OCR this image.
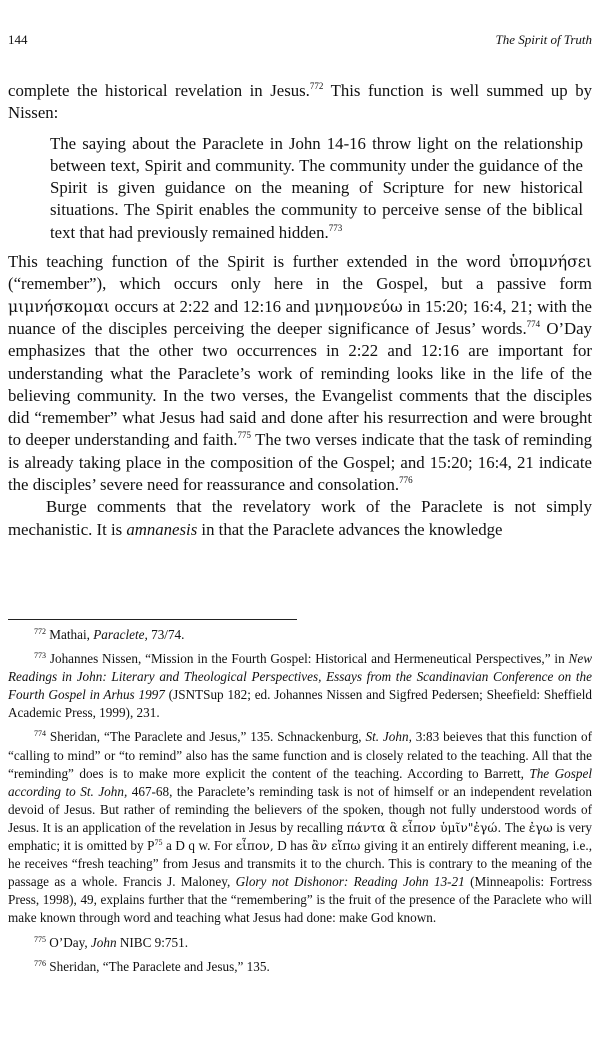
144	The Spirit of Truth

complete the historical revelation in Jesus.$^{772}$ This function is well summed up by Nissen:

The saying about the Paraclete in John 14-16 throw light on the relationship between text, Spirit and community. The community under the guidance of the Spirit is given guidance on the meaning of Scripture for new historical situations. The Spirit enables the community to perceive sense of the biblical text that had previously remained hidden.$^{773}$

This teaching function of the Spirit is further extended in the word ὑπομνήσει (“remember”), which occurs only here in the Gospel, but a passive form μιμνήσκομαι occurs at 2:22 and 12:16 and μνημονεύω in 15:20; 16:4, 21; with the nuance of the disciples perceiving the deeper significance of Jesus’ words.$^{774}$ O’Day emphasizes that the other two occurrences in 2:22 and 12:16 are important for understanding what the Paraclete’s work of reminding looks like in the life of the believing community. In the two verses, the Evangelist comments that the disciples did “remember” what Jesus had said and done after his resurrection and were brought to deeper understanding and faith.$^{775}$ The two verses indicate that the task of reminding is already taking place in the composition of the Gospel; and 15:20; 16:4, 21 indicate the disciples’ severe need for reassurance and consolation.$^{776}$

Burge comments that the revelatory work of the Paraclete is not simply mechanistic. It is amnanesis in that the Paraclete advances the knowledge

$^{772}$ Mathai, Paraclete, 73/74.

$^{773}$ Johannes Nissen, “Mission in the Fourth Gospel: Historical and Hermeneutical Perspectives,” in New Readings in John: Literary and Theological Perspectives, Essays from the Scandinavian Conference on the Fourth Gospel in Arhus 1997 (JSNTSup 182; ed. Johannes Nissen and Sigfred Pedersen; Sheefield: Sheffield Academic Press, 1999), 231.

$^{774}$ Sheridan, “The Paraclete and Jesus,” 135. Schnackenburg, St. John, 3:83 beieves that this function of “calling to mind” or “to remind” also has the same function and is closely related to the teaching. All that the “reminding” does is to make more explicit the content of the teaching. According to Barrett, The Gospel according to St. John, 467-68, the Paraclete’s reminding task is not of himself or an independent revelation devoid of Jesus. But rather of reminding the believers of the spoken, though not fully understood words of Jesus. It is an application of the revelation in Jesus by recalling πάντα ἃ εἶπον ὑμῖν"ἐγώ. The ἐγω is very emphatic; it is omitted by $P^{75}$ a D q w. For εἶπον, D has ἂν εἴπω giving it an entirely different meaning, i.e., he receives “fresh teaching” from Jesus and transmits it to the church. This is contrary to the meaning of the passage as a whole. Francis J. Maloney, Glory not Dishonor: Reading John 13-21 (Minneapolis: Fortress Press, 1998), 49, explains further that the “remembering” is the fruit of the presence of the Paraclete who will make known through word and teaching what Jesus had done: make God known.

$^{775}$ O’Day, John NIBC 9:751.

$^{776}$ Sheridan, “The Paraclete and Jesus,” 135.
